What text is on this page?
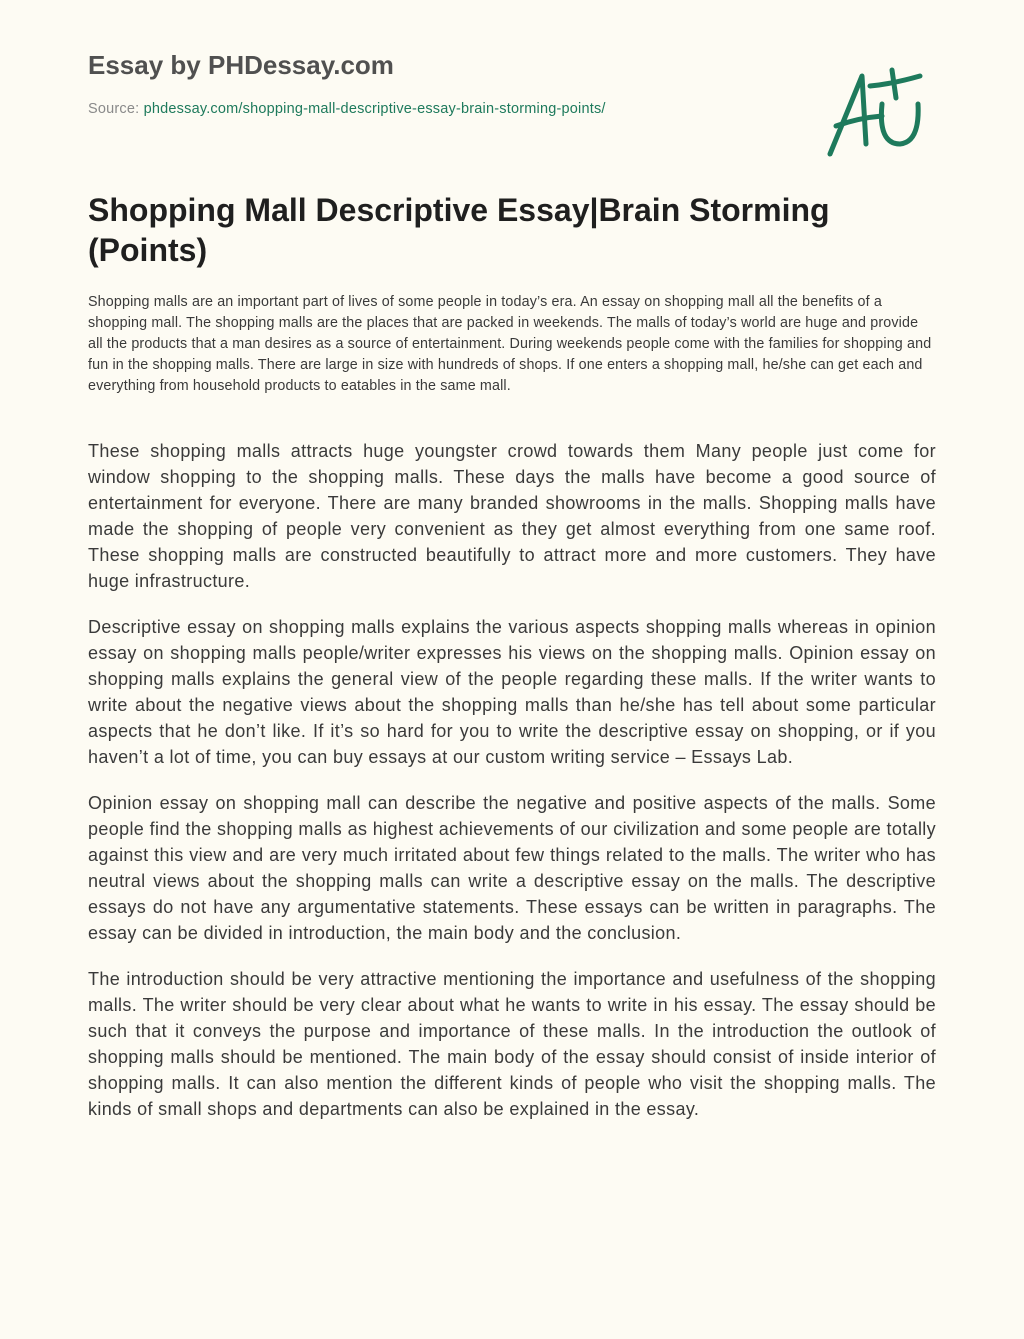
Essay by PHDessay.com
Source: phdessay.com/shopping-mall-descriptive-essay-brain-storming-points/
Shopping Mall Descriptive Essay|Brain Storming (Points)

Shopping malls are an important part of lives of some people in today’s era. An essay on shopping mall all the benefits of a shopping mall. The shopping malls are the places that are packed in weekends. The malls of today’s world are huge and provide all the products that a man desires as a source of entertainment. During weekends people come with the families for shopping and fun in the shopping malls. There are large in size with hundreds of shops. If one enters a shopping mall, he/she can get each and everything from household products to eatables in the same mall.

These shopping malls attracts huge youngster crowd towards them Many people just come for window shopping to the shopping malls. These days the malls have become a good source of entertainment for everyone. There are many branded showrooms in the malls. Shopping malls have made the shopping of people very convenient as they get almost everything from one same roof. These shopping malls are constructed beautifully to attract more and more customers. They have huge infrastructure.

Descriptive essay on shopping malls explains the various aspects shopping malls whereas in opinion essay on shopping malls people/writer expresses his views on the shopping malls. Opinion essay on shopping malls explains the general view of the people regarding these malls. If the writer wants to write about the negative views about the shopping malls than he/she has tell about some particular aspects that he don’t like. If it’s so hard for you to write the descriptive essay on shopping, or if you haven’t a lot of time, you can buy essays at our custom writing service – Essays Lab.

Opinion essay on shopping mall can describe the negative and positive aspects of the malls. Some people find the shopping malls as highest achievements of our civilization and some people are totally against this view and are very much irritated about few things related to the malls. The writer who has neutral views about the shopping malls can write a descriptive essay on the malls. The descriptive essays do not have any argumentative statements. These essays can be written in paragraphs. The essay can be divided in introduction, the main body and the conclusion.

The introduction should be very attractive mentioning the importance and usefulness of the shopping malls. The writer should be very clear about what he wants to write in his essay. The essay should be such that it conveys the purpose and importance of these malls. In the introduction the outlook of shopping malls should be mentioned. The main body of the essay should consist of inside interior of shopping malls. It can also mention the different kinds of people who visit the shopping malls. The kinds of small shops and departments can also be explained in the essay.
